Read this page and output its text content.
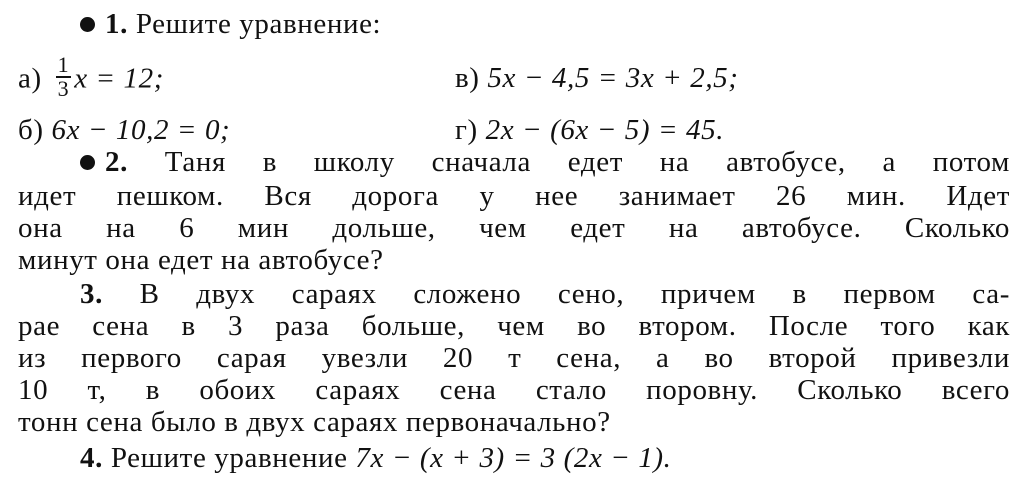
1. Решите уравнение:
$а) \frac{1}{3}$ x = 12;	в) 5x − 4,5 = 3x + 2,5;
б) 6x − 10,2 = 0;	г) 2x − (6x − 5) = 45.
2. Таня в школу сначала едет на автобусе, а потом
идет пешком. Вся дорога у нее занимает 26 мин. Идет
она на 6 мин дольше, чем едет на автобусе. Сколько
минут она едет на автобусе?
3. В двух сараях сложено сено, причем в первом са-
рае сена в 3 раза больше, чем во втором. После того как
из первого сарая увезли 20 т сена, а во второй привезли
10 т, в обоих сараях сена стало поровну. Сколько всего
тонн сена было в двух сараях первоначально?
4. Решите уравнение 7x − (x + 3) = 3 (2x − 1).
